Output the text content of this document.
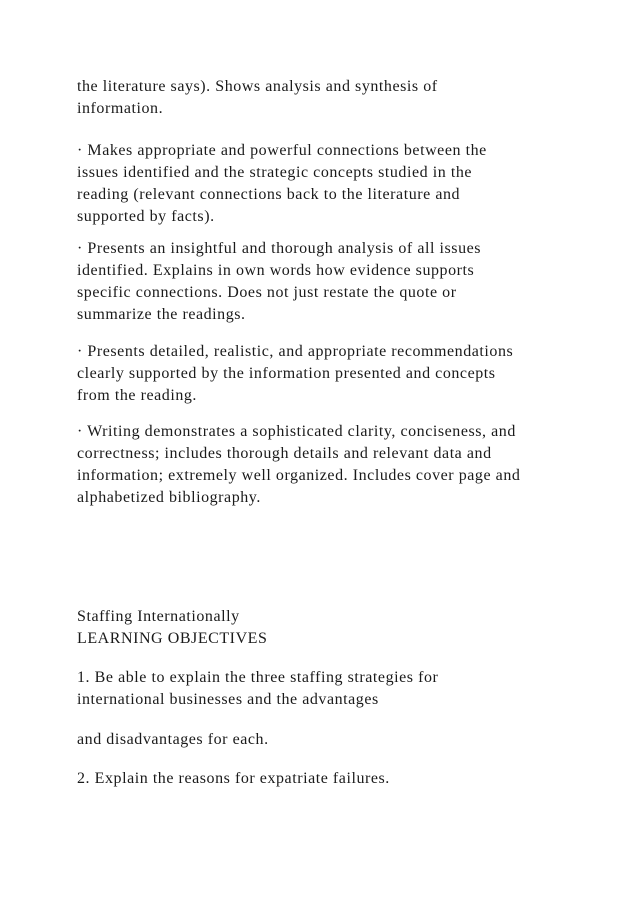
the literature says). Shows analysis and synthesis of
information.

· Makes appropriate and powerful connections between the
issues identified and the strategic concepts studied in the
reading (relevant connections back to the literature and
supported by facts).

· Presents an insightful and thorough analysis of all issues
identified. Explains in own words how evidence supports
specific connections. Does not just restate the quote or
summarize the readings.

· Presents detailed, realistic, and appropriate recommendations
clearly supported by the information presented and concepts
from the reading.

· Writing demonstrates a sophisticated clarity, conciseness, and
correctness; includes thorough details and relevant data and
information; extremely well organized. Includes cover page and
alphabetized bibliography.

Staffing Internationally
LEARNING OBJECTIVES

1. Be able to explain the three staffing strategies for
international businesses and the advantages

and disadvantages for each.

2. Explain the reasons for expatriate failures.
